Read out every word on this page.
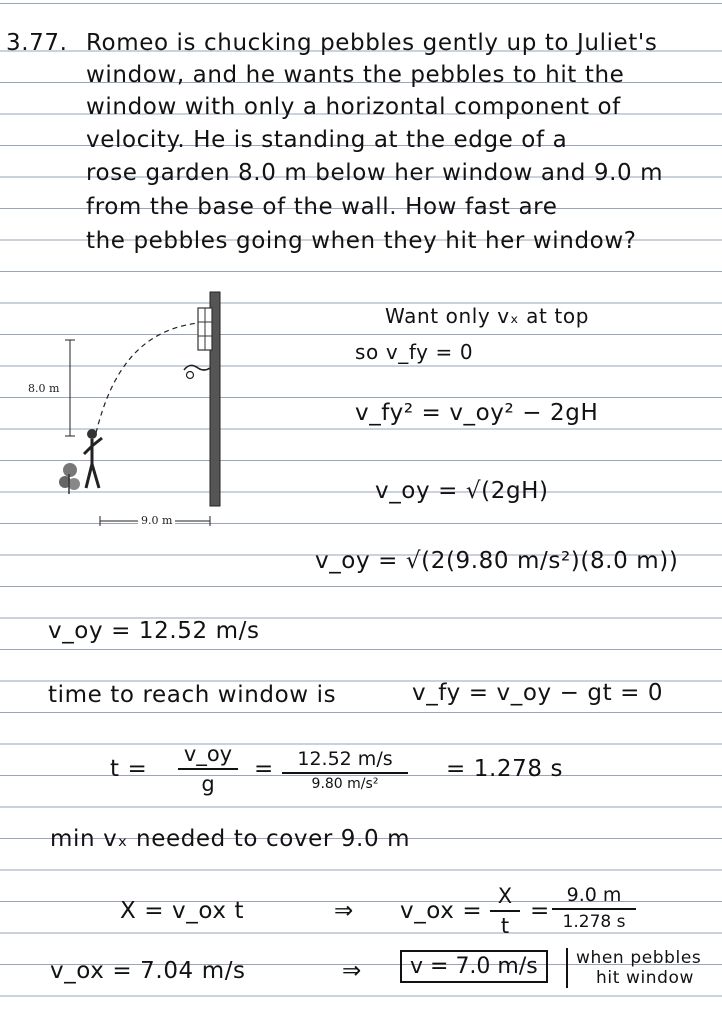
3.77. Romeo is chucking pebbles gently up to Juliet's
window, and he wants the pebbles to hit the
window with only a horizontal component of
velocity. He is standing at the edge of a
rose garden 8.0 m below her window and 9.0 m
from the base of the wall. How fast are
the pebbles going when they hit her window?
8.0 m
9.0 m
Want only vₓ at top
so v_fy = 0
v_fy² = v_oy² − 2gH
v_oy = √(2gH)
v_oy = √(2(9.80 m/s²)(8.0 m))
v_oy = 12.52 m/s
time to reach window is	v_fy = v_oy − gt = 0
t =
v_oy
g
=	12.52 m/s
9.80 m/s²
= 1.278 s
min vₓ needed to cover 9.0 m
X = v_ox t	⇒ v_ox =
X
t
=
9.0 m
1.278 s
v_ox = 7.04 m/s	⇒	v = 7.0 m/s	when pebbles
hit window
